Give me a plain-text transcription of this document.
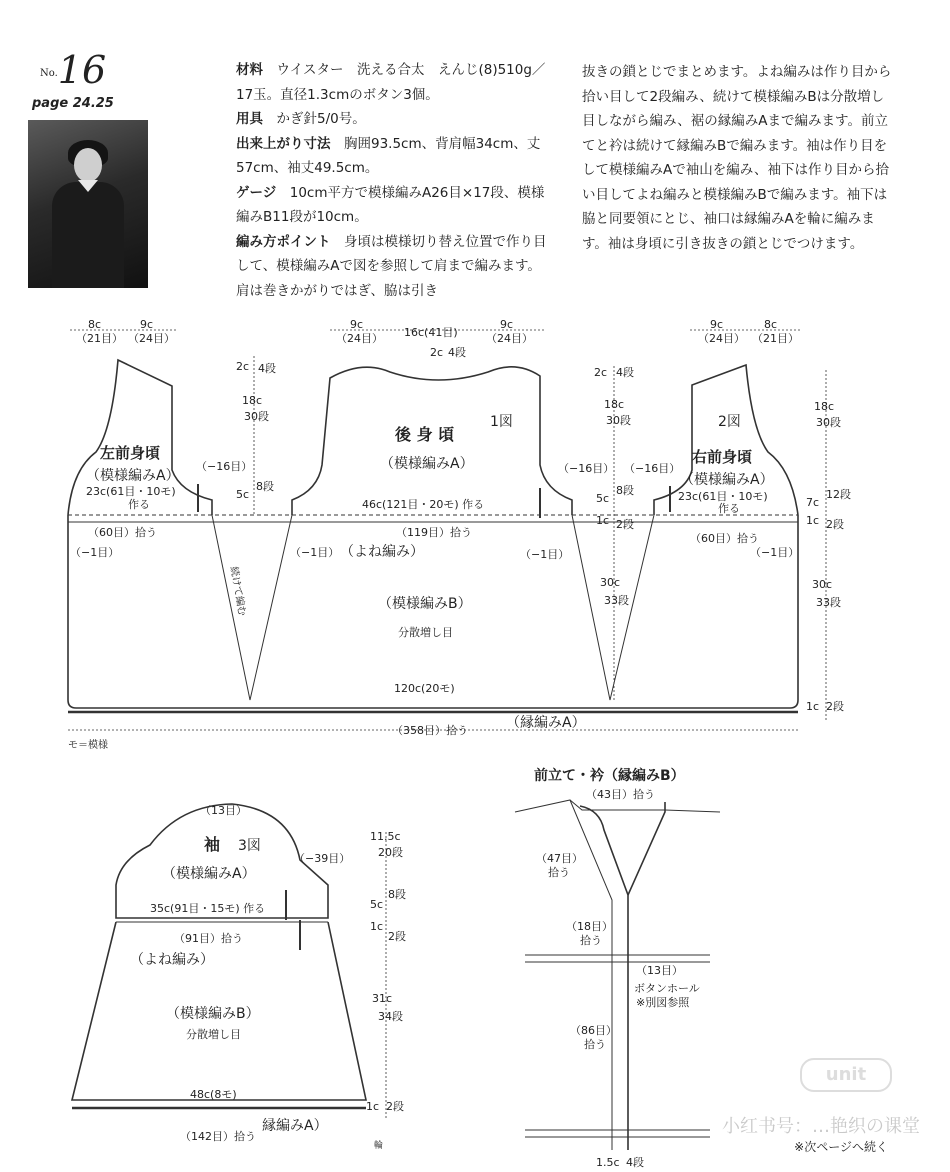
No.16
page 24.25
材料　 ウイスター　洗える合太　えんじ(8)510g／17玉。直径1.3cmのボタン3個。
用具　 かぎ針5/0号。
出来上がり寸法　 胸囲93.5cm、背肩幅34cm、丈57cm、袖丈49.5cm。
ゲージ　 10cm平方で模様編みA26目×17段、模様編みB11段が10cm。
編み方ポイント　 身頃は模様切り替え位置で作り目して、模様編みAで図を参照して肩まで編みます。肩は巻きかがりではぎ、脇は引き
抜きの鎖とじでまとめます。よね編みは作り目から拾い目して2段編み、続けて模様編みBは分散増し目しながら編み、裾の縁編みAまで編みます。前立てと衿は続けて縁編みBで編みます。袖は作り目をして模様編みAで袖山を編み、袖下は作り目から拾い目してよね編みと模様編みBで編みます。袖下は脇と同要領にとじ、袖口は縁編みAを輪に編みます。袖は身頃に引き抜きの鎖とじでつけます。
左前身頃
（模様編みA）
後 身 頃
1図
（模様編みA）
2図
右前身頃
（模様編みA）
（よね編み）
（模様編みB）
分散増し目
（縁編みA）
続けて編む
8c
（21目）
9c
（24目）
23c(61目・10モ)
作る
（60目）拾う
（−16目）
（−1目）	（−1目）	（−1目）	（−1目）
9c
（24目） 16c(41目)
9c
（24目）
2c 4段
46c(121目・20モ) 作る
（119目）拾う
（−16目） （−16目）
9c
（24目）
8c
（21目）
23c(61目・10モ)
作る
（60目）拾う
2c 4段
18c
30段
5c
8段
2c 4段
18c
30段
5c
8段
1c 2段
30c
33段
18c
30段
7c
12段
1c 2段
30c
33段
1c 2段
120c(20モ)
（358目）拾う
モ＝模様
袖 3図
（模様編みA）
（13目）
（−39目）
35c(91目・15モ) 作る
（91目）拾う
（よね編み）
（模様編みB）
分散増し目
48c(8モ)
（142目）拾う
縁編みA）
輪
11.5c
20段
5c
8段
1c
2段
31c
34段
1c 2段
前立て・衿（縁編みB）
（43目）拾う
（47目）
拾う
（18目）
拾う
（13目）
ボタンホール
※別図参照
（86目）
拾う
1.5c 4段
unit
小红书号：…艳织の课堂
※次ページへ続く
